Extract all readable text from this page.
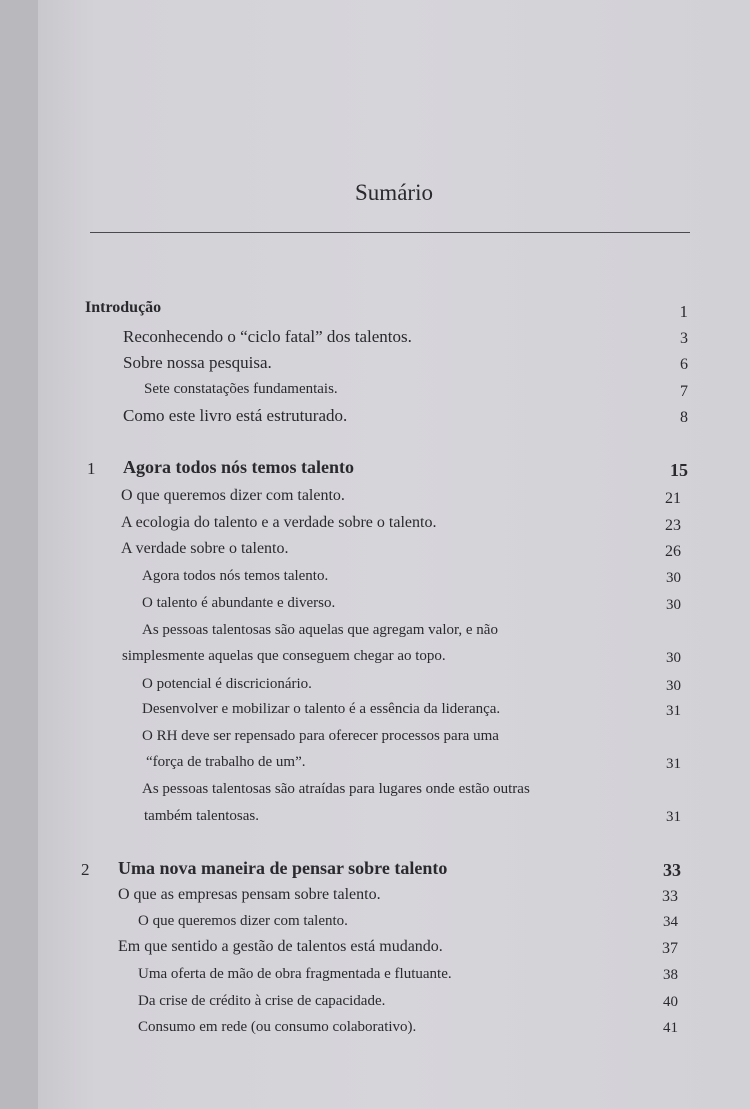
Sumário
Introdução	1
Reconhecendo o “ciclo fatal” dos talentos.	3
Sobre nossa pesquisa.	6
Sete constatações fundamentais.	7
Como este livro está estruturado.	8
1 Agora todos nós temos talento	15
O que queremos dizer com talento.	21
A ecologia do talento e a verdade sobre o talento.	23
A verdade sobre o talento.	26
Agora todos nós temos talento.	30
O talento é abundante e diverso.	30
As pessoas talentosas são aquelas que agregam valor, e não
simplesmente aquelas que conseguem chegar ao topo.	30
O potencial é discricionário.	30
Desenvolver e mobilizar o talento é a essência da liderança.	31
O RH deve ser repensado para oferecer processos para uma
“força de trabalho de um”.	31
As pessoas talentosas são atraídas para lugares onde estão outras
também talentosas.	31
2 Uma nova maneira de pensar sobre talento	33
O que as empresas pensam sobre talento.	33
O que queremos dizer com talento.	34
Em que sentido a gestão de talentos está mudando.	37
Uma oferta de mão de obra fragmentada e flutuante.	38
Da crise de crédito à crise de capacidade.	40
Consumo em rede (ou consumo colaborativo).	41
